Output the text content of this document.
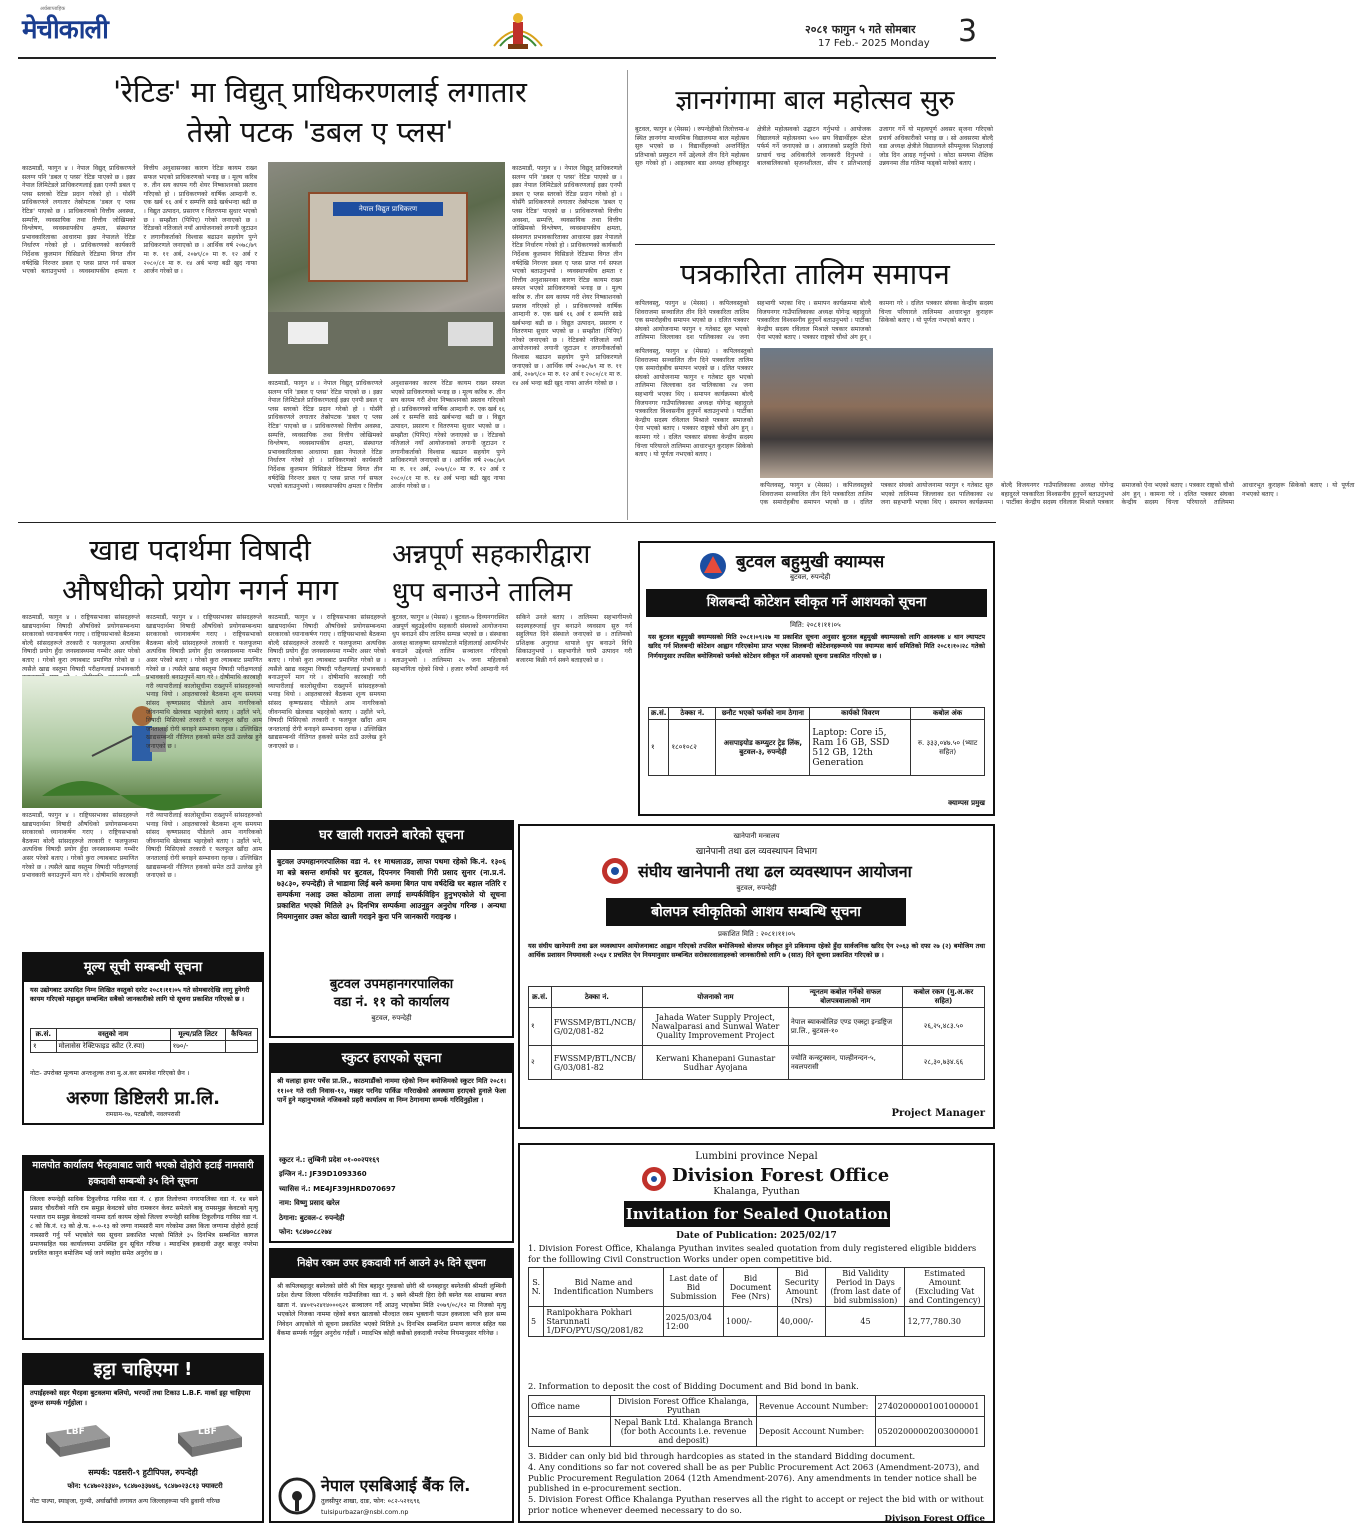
मेचीकाली
अर्धसाप्ताहिक
२०८१ फागुन ५ गते सोमबार
17 Feb.- 2025 Monday 3
'रेटिङ' मा विद्युत् प्राधिकरणलाई लगातार
तेस्रो पटक 'डबल ए प्लस'
काठमाडौं, फागुन ४ । नेपाल विद्युत् प्राधिकरणले सलग्न पनि 'डबल ए प्लस' रेटिङ पाएको छ । इक्रा नेपाल लिमिटेडले प्राधिकरणलाई इक्रा एनपी डबल ए प्लस स्तरको रेटिङ प्रदान गरेको हो । योसँगै प्राधिकरणले लगातार तेस्रोपटक 'डबल ए प्लस रेटिङ' पाएको छ । प्राधिकरणको वित्तीय अवस्था, सम्पत्ति, व्यवसायिक तथा वित्तीय जोखिमको विश्लेषण, व्यवस्थापकीय क्षमता, संस्थागत प्रभावकारिताका आधारमा इक्रा नेपालले रेटिङ निर्धारण गरेको हो । प्राधिकरणको कार्यकारी निर्देशक कुलमान घिसिङले रेटिङमा विगत तीन वर्षदेखि निरन्तर डबल ए प्लस प्राप्त गर्न सफल भएको बताउनुभयो । व्यवस्थापकीय क्षमता र वित्तीय अनुशासनका कारण रेटिङ कायम राख्न सफल भएको प्राधिकरणको भनाइ छ । मूल्य करिब रु. तीन सय कायम गरी शेयर निष्काशनको प्रस्ताव गरिएको हो । प्राधिकरणको वार्षिक आम्दानी रु. एक खर्ब १६ अर्ब र सम्पत्ति साढे खर्बभन्दा बढी छ । विद्युत उत्पादन, प्रसारण र वितरणमा सुधार भएको छ । सम्झौता (पिपिए) गरेको जनाएको छ । रेटिङको नतिजाले नयाँ आयोजनाको लगानी जुटाउन र लगानीकर्ताको विश्वास बढाउन सहयोग पुग्ने प्राधिकरणले जनाएको छ । आर्थिक वर्ष २०७८/७९ मा रु. ११ अर्ब, २०७९/८० मा रु. १२ अर्ब र २०८०/८१ मा रु. १४ अर्ब भन्दा बढी खुद नाफा आर्जन गरेको छ ।
नेपाल विद्युत प्राधिकरण
काठमाडौं, फागुन ४ । नेपाल विद्युत् प्राधिकरणले सलग्न पनि 'डबल ए प्लस' रेटिङ पाएको छ । इक्रा नेपाल लिमिटेडले प्राधिकरणलाई इक्रा एनपी डबल ए प्लस स्तरको रेटिङ प्रदान गरेको हो । योसँगै प्राधिकरणले लगातार तेस्रोपटक 'डबल ए प्लस रेटिङ' पाएको छ । प्राधिकरणको वित्तीय अवस्था, सम्पत्ति, व्यवसायिक तथा वित्तीय जोखिमको विश्लेषण, व्यवस्थापकीय क्षमता, संस्थागत प्रभावकारिताका आधारमा इक्रा नेपालले रेटिङ निर्धारण गरेको हो । प्राधिकरणको कार्यकारी निर्देशक कुलमान घिसिङले रेटिङमा विगत तीन वर्षदेखि निरन्तर डबल ए प्लस प्राप्त गर्न सफल भएको बताउनुभयो । व्यवस्थापकीय क्षमता र वित्तीय अनुशासनका कारण रेटिङ कायम राख्न सफल भएको प्राधिकरणको भनाइ छ । मूल्य करिब रु. तीन सय कायम गरी शेयर निष्काशनको प्रस्ताव गरिएको हो । प्राधिकरणको वार्षिक आम्दानी रु. एक खर्ब १६ अर्ब र सम्पत्ति साढे खर्बभन्दा बढी छ । विद्युत उत्पादन, प्रसारण र वितरणमा सुधार भएको छ । सम्झौता (पिपिए) गरेको जनाएको छ । रेटिङको नतिजाले नयाँ आयोजनाको लगानी जुटाउन र लगानीकर्ताको विश्वास बढाउन सहयोग पुग्ने प्राधिकरणले जनाएको छ । आर्थिक वर्ष २०७८/७९ मा रु. ११ अर्ब, २०७९/८० मा रु. १२ अर्ब र २०८०/८१ मा रु. १४ अर्ब भन्दा बढी खुद नाफा आर्जन गरेको छ ।
काठमाडौं, फागुन ४ । नेपाल विद्युत् प्राधिकरणले सलग्न पनि 'डबल ए प्लस' रेटिङ पाएको छ । इक्रा नेपाल लिमिटेडले प्राधिकरणलाई इक्रा एनपी डबल ए प्लस स्तरको रेटिङ प्रदान गरेको हो । योसँगै प्राधिकरणले लगातार तेस्रोपटक 'डबल ए प्लस रेटिङ' पाएको छ । प्राधिकरणको वित्तीय अवस्था, सम्पत्ति, व्यवसायिक तथा वित्तीय जोखिमको विश्लेषण, व्यवस्थापकीय क्षमता, संस्थागत प्रभावकारिताका आधारमा इक्रा नेपालले रेटिङ निर्धारण गरेको हो । प्राधिकरणको कार्यकारी निर्देशक कुलमान घिसिङले रेटिङमा विगत तीन वर्षदेखि निरन्तर डबल ए प्लस प्राप्त गर्न सफल भएको बताउनुभयो । व्यवस्थापकीय क्षमता र वित्तीय अनुशासनका कारण रेटिङ कायम राख्न सफल भएको प्राधिकरणको भनाइ छ । मूल्य करिब रु. तीन सय कायम गरी शेयर निष्काशनको प्रस्ताव गरिएको हो । प्राधिकरणको वार्षिक आम्दानी रु. एक खर्ब १६ अर्ब र सम्पत्ति साढे खर्बभन्दा बढी छ । विद्युत उत्पादन, प्रसारण र वितरणमा सुधार भएको छ । सम्झौता (पिपिए) गरेको जनाएको छ । रेटिङको नतिजाले नयाँ आयोजनाको लगानी जुटाउन र लगानीकर्ताको विश्वास बढाउन सहयोग पुग्ने प्राधिकरणले जनाएको छ । आर्थिक वर्ष २०७८/७९ मा रु. ११ अर्ब, २०७९/८० मा रु. १२ अर्ब र २०८०/८१ मा रु. १४ अर्ब भन्दा बढी खुद नाफा आर्जन गरेको छ ।
ज्ञानगंगामा बाल महोत्सव सुरु
बुटवल, फागुन ४ (मेसस) । रुपन्देहीको तिलोत्तमा-४ स्थित ज्ञानगंगा माध्यमिक विद्यालयमा बाल महोत्सव सुरु भएको छ । विद्यार्थीहरूको अन्तर्निहित प्रतिभाको प्रस्फुटन गर्ने उद्देश्यले तीन दिने महोत्सव सुरु गरेको हो । आइतबार बडा अध्यक्ष हरिबहादुर क्षेत्रीले महोत्सवको उद्घाटन गर्नुभयो । आयोजक विद्यालयले महोत्सवमा ५०० सय विद्यार्थीहरू स्टेज पर्फर्म गर्ने जनाएको छ । आवाजको प्रस्तुति दियो प्राचार्य चन्द्र अधिकारीले जानकारी दिनुभयो । बालबालिकाको सृजनशीलता, सीप र प्रतिभालाई उजागर गर्ने यो महत्वपूर्ण अवसर सृजना गरिएको प्रचार्य अधिकारीको भनाइ छ । सो अवसरमा बोल्दै वडा अध्यक्ष क्षेत्रीले विद्यालयले सीपमूलक शिक्षालाई जोड दिन आग्रह गर्नुभयो । कोठा समयमा शैक्षिक उन्नयनमा तीव्र गतिमा फड्को मारेको बताए ।
पत्रकारिता तालिम समापन
कपिलवस्तु, फागुन ४ (मेसस) । कपिलवस्तुको शिवराजमा सञ्चालित तीन दिने पत्रकारिता तालिम एक समारोहबीच समापन भएको छ । दलित पत्रकार संघको आयोजनामा फागुन १ गतेबाट सुरु भएको तालिममा जिल्लाका दश पालिकाका २४ जना सहभागी भएका थिए । समापन कार्यक्रममा बोल्दै विजयनगर गाउँपालिकाका अध्यक्ष योगेन्द्र बहादुरले पत्रकारिता विश्वसनीय हुनुपर्ने बताउनुभयो । पार्टीका केन्द्रीय सदस्य रविलाल मिश्राले पत्रकार समाजको ऐना भएको बताए । पत्रकार राष्ट्रको चौथो अंग हुन् । कामना गरे । दलित पत्रकार संघका केन्द्रीय सदस्य चिन्ता परियारले तालिममा आधारभूत कुराहरू सिकेको बताए । यो पूर्णता नभएको बताए ।
कपिलवस्तु, फागुन ४ (मेसस) । कपिलवस्तुको शिवराजमा सञ्चालित तीन दिने पत्रकारिता तालिम एक समारोहबीच समापन भएको छ । दलित पत्रकार संघको आयोजनामा फागुन १ गतेबाट सुरु भएको तालिममा जिल्लाका दश पालिकाका २४ जना सहभागी भएका थिए । समापन कार्यक्रममा बोल्दै विजयनगर गाउँपालिकाका अध्यक्ष योगेन्द्र बहादुरले पत्रकारिता विश्वसनीय हुनुपर्ने बताउनुभयो । पार्टीका केन्द्रीय सदस्य रविलाल मिश्राले पत्रकार समाजको ऐना भएको बताए । पत्रकार राष्ट्रको चौथो अंग हुन् । कामना गरे । दलित पत्रकार संघका केन्द्रीय सदस्य चिन्ता परियारले तालिममा आधारभूत कुराहरू सिकेको बताए । यो पूर्णता नभएको बताए ।
कपिलवस्तु, फागुन ४ (मेसस) । कपिलवस्तुको शिवराजमा सञ्चालित तीन दिने पत्रकारिता तालिम एक समारोहबीच समापन भएको छ । दलित पत्रकार संघको आयोजनामा फागुन १ गतेबाट सुरु भएको तालिममा जिल्लाका दश पालिकाका २४ जना सहभागी भएका थिए । समापन कार्यक्रममा बोल्दै विजयनगर गाउँपालिकाका अध्यक्ष योगेन्द्र बहादुरले पत्रकारिता विश्वसनीय हुनुपर्ने बताउनुभयो । पार्टीका केन्द्रीय सदस्य रविलाल मिश्राले पत्रकार समाजको ऐना भएको बताए । पत्रकार राष्ट्रको चौथो अंग हुन् । कामना गरे । दलित पत्रकार संघका केन्द्रीय सदस्य चिन्ता परियारले तालिममा आधारभूत कुराहरू सिकेको बताए । यो पूर्णता नभएको बताए ।
खाद्य पदार्थमा विषादी
औषधीको प्रयोग नगर्न माग
काठमाडौं, फागुन ४ । राष्ट्रियसभाका सांसदहरूले खाद्यपदार्थमा विषादी औषधिको प्रयोगसम्बन्धमा सरकारको ध्यानाकर्षण गराए । राष्ट्रियसभाको बैठकमा बोल्दै सांसदहरूले तरकारी र फलफूलमा अत्यधिक विषादी प्रयोग हुँदा जनस्वास्थ्यमा गम्भीर असर परेको बताए । गरेको कुरा ल्याबबाट प्रमाणित गरेको छ । त्यसैले खाद्य वस्तुमा विषादी परीक्षणलाई प्रभावकारी
काठमाडौं, फागुन ४ । राष्ट्रियसभाका सांसदहरूले खाद्यपदार्थमा विषादी औषधिको प्रयोगसम्बन्धमा सरकारको ध्यानाकर्षण गराए । राष्ट्रियसभाको बैठकमा बोल्दै सांसदहरूले तरकारी र फलफूलमा अत्यधिक विषादी प्रयोग हुँदा जनस्वास्थ्यमा गम्भीर असर परेको बताए । गरेको कुरा ल्याबबाट प्रमाणित गरेको छ । त्यसैले खाद्य वस्तुमा विषादी परीक्षणलाई प्रभावकारी बनाउनुपर्ने माग गरे । दोषीमाथि कारबाही गरी व्यापारीलाई कालोसूचीमा राख्नुपर्ने सांसदहरूको भनाइ थियो । आइतबारको बैठकमा शून्य समयमा सांसद कृष्णप्रसाद पौडेलले आम नागरिकको जीवनमाथि खेलबाड भइरहेको बताए । उहाँले भने, विषादी मिसिएको तरकारी र फलफूल खाँदा आम जनतालाई रोगी बनाइने सम्भावना रहन्छ । उल्लिखित खाद्यसम्बन्धी नीतिगत हकको समेत ठाउँ उल्लेख हुने जनाएको छ ।
काठमाडौं, फागुन ४ । राष्ट्रियसभाका सांसदहरूले खाद्यपदार्थमा विषादी औषधिको प्रयोगसम्बन्धमा सरकारको ध्यानाकर्षण गराए । राष्ट्रियसभाको बैठकमा बोल्दै सांसदहरूले तरकारी र फलफूलमा अत्यधिक विषादी प्रयोग हुँदा जनस्वास्थ्यमा गम्भीर असर परेको बताए । गरेको कुरा ल्याबबाट प्रमाणित गरेको छ । त्यसैले खाद्य वस्तुमा विषादी परीक्षणलाई प्रभावकारी बनाउनुपर्ने माग गरे । दोषीमाथि कारबाही गरी व्यापारीलाई कालोसूचीमा राख्नुपर्ने सांसदहरूको भनाइ थियो । आइतबारको बैठकमा शून्य समयमा सांसद कृष्णप्रसाद पौडेलले आम नागरिकको जीवनमाथि खेलबाड भइरहेको बताए । उहाँले भने, विषादी मिसिएको तरकारी र फलफूल खाँदा आम जनतालाई रोगी बनाइने सम्भावना रहन्छ । उल्लिखित खाद्यसम्बन्धी नीतिगत हकको समेत ठाउँ उल्लेख हुने जनाएको छ ।
काठमाडौं, फागुन ४ । राष्ट्रियसभाका सांसदहरूले खाद्यपदार्थमा विषादी औषधिको प्रयोगसम्बन्धमा सरकारको ध्यानाकर्षण गराए । राष्ट्रियसभाको बैठकमा बोल्दै सांसदहरूले तरकारी र फलफूलमा अत्यधिक विषादी प्रयोग हुँदा जनस्वास्थ्यमा गम्भीर असर परेको बताए । गरेको कुरा ल्याबबाट प्रमाणित गरेको छ । त्यसैले खाद्य वस्तुमा विषादी परीक्षणलाई प्रभावकारी बनाउनुपर्ने माग गरे । दोषीमाथि कारबाही गरी व्यापारीलाई कालोसूचीमा राख्नुपर्ने सांसदहरूको भनाइ थियो । आइतबारको बैठकमा शून्य समयमा सांसद कृष्णप्रसाद पौडेलले आम नागरिकको जीवनमाथि खेलबाड भइरहेको बताए । उहाँले भने, विषादी मिसिएको तरकारी र फलफूल खाँदा आम जनतालाई रोगी बनाइने सम्भावना रहन्छ । उल्लिखित खाद्यसम्बन्धी नीतिगत हकको समेत ठाउँ उल्लेख हुने जनाएको छ ।
अन्नपूर्ण सहकारीद्वारा
धुप बनाउने तालिम
बुटवल, फागुन ४ (मेसस) । बुटवल-७ दिव्यनगरस्थित अन्नपूर्ण बहुउद्देश्यीय सहकारी संस्थाको आयोजनामा धुप बनाउने सीप तालिम सम्पन्न भएको छ । संस्थाका अध्यक्ष बालकृष्ण सापकोटाले महिलालाई आत्मनिर्भर बनाउने उद्देश्यले तालिम सञ्चालन गरिएको बताउनुभयो । तालिममा २५ जना महिलाको सहभागिता रहेको थियो । हजार रुपैयाँ आम्दानी गर्न सकिने उनले बताए । तालिममा सहभागीमध्ये सदस्यहरूलाई धुप बनाउने व्यवसाय सुरु गर्न सहुलियत दिने संस्थाले जनाएको छ । तालिमको प्रशिक्षक अनुराधा थापाले धुप बनाउने विधि सिकाउनुभयो । सहभागीले घरमै उत्पादन गरी बजारमा बिक्री गर्न सक्ने बताइएको छ ।
बुटवल बहुमुखी क्याम्पस
बुटवल, रुपन्देही
शिलबन्दी कोटेशन स्वीकृत गर्ने आशयको सूचना
मिति: २०८१।११।०५
यस बुटवल बहुमुखी क्याम्पसको मिति २०८१।०९।२७ मा प्रकाशित सूचना अनुसार बुटवल बहुमुखी क्याम्पसको लागि आवश्यक ४ थान ल्यापटप खरिद गर्न शिलबन्दी कोटेशन आह्वान गरिएकोमा प्राप्त भएका शिलबन्दी कोटेशनहरूमध्ये यस क्याम्पस कार्य समितिको मिति २०८१।१०।२८ गतेको निर्णयानुसार तपसिल बमोजिमको फर्मको कोटेशन स्वीकृत गर्ने आशयको सूचना प्रकाशित गरिएको छ ।
क्र.सं.	ठेक्का नं.	छनौट भएको फर्मको नाम ठेगाना	कार्यको विवरण	कबोल अंक
१	१८०१०८२	असपाइयोड कम्प्युटर ट्रेड लिंक, बुटवल-३, रुपन्देही	Laptop: Core i5, Ram 16 GB, SSD 512 GB, 12th Generation	रु. ३३३,०४७.५० (भ्याट सहित)
क्याम्पस प्रमुख
घर खाली गराउने बारेको सूचना
बुटवल उपमहानगरपालिका वडा नं. ११ माथलाउङ, लाफा पथमा रहेको कि.नं. १३०६ मा बन्ने बसन्त शर्माको घर बुटवल, दिपनगर निवासी गिरी प्रसाद सुनार (ना.प्र.नं. ७३८३०, रुपन्देही) ले भाडामा लिई बस्ने कममा बिगत पाच वर्षदेखि घर बहाल नतिरि र सम्पर्कमा नआइ उक्त कोठामा ताला लगाई सम्पर्कविहिन हुनुभएकोले यो सूचना प्रकाशित भएको मितिले ३५ दिनभित्र सम्पर्कमा आउनुहुन अनुरोध गरिन्छ । अन्यथा नियमानुसार उक्त कोठा खाली गराइने कुरा पनि जानकारी गराइन्छ ।
बुटवल उपमहानगरपालिका
वडा नं. ११ को कार्यालय
बुटवल, रुपन्देही
मूल्य सूची सम्बन्धी सूचना
यस उद्योगबाट उत्पादित निम्न लिखित वस्तुको दररेट २०८१।११।०५ गते सोमबारदेखि लागु हुनेगरी कायम गरिएको महाशुल सम्बन्धित सबैको जानकारीको लागि यो सूचना प्रकाशित गरिएको छ ।
क्र.सं.	वस्तुको नाम	मूल्य/प्रति लिटर	कैफियत
१	मोलासेस रेक्टिफाइड स्प्रीट (रे.स्पा)	१७०/-	
नोटः- उपरोक्त मूल्यमा अन्तःशुल्क तथा मु.अ.कर समावेश गरिएको छैन ।
अरुणा डिष्टिलरी प्रा.लि.
रामग्राम-१७, पटखौली, नवलपरासी
स्कुटर हराएको सूचना
श्री यलाहा हायर पर्चेस प्रा.लि., काठमाडौंको नाममा रहेको निम्न बमोजिमको स्कुटर मिति २०८१।११।०१ गते राती निवास-१२, मन्नहर परनिग्र पार्किङ गरिराखेको अवस्थामा हराएको हुनाले फेला पार्ने हुने महानुभावले नजिकको प्रहरी कार्यालय वा निम्न ठेगानामा सम्पर्क गरिदिनुहोला ।
स्कुटर नं.: लुम्बिनी प्रदेश ०१-००२प१६९
इन्जिन नं.: JF39D1093360
च्यासिस नं.: ME4JF39JHRD070697
नाम: विष्णु प्रसाद खरेल
ठेगाना: बुटवल-८ रुपन्देही
फोन: ९८४७०८८२७४
मालपोत कार्यालय भैरहवाबाट जारी भएको दोहोरो हटाई नामसारी हकदावी सम्बन्धी ३५ दिने सूचना
जिल्ला रुपन्देही साविक टिकुलीगढ गाविस वडा नं. ८ हाल तिलोत्तमा नगरपालिका वडा नं. १४ बस्ने प्रसाद चौधरीको नाति राम समुझ केवटको छोरा रामकरन केवट समेतले बाबु रामसमुझ केवटको मृत्यु पश्चात राम समुझ केवटको नाममा दर्ता कायम रहेको जिल्ला रुपन्देही साविक टिकुलीगढ गाविस वडा नं. ८ को कि.नं. १३ को क्षे.फ. ०-०-१३ को जग्गा नामसारी माग गरेकोमा उक्त किता जग्गामा दोहोरो हटाई नामसारी गर्नु पर्ने भएकोले यस सूचना प्रकाशित भएको मितिले ३५ दिनभित्र सम्बन्धित कागज प्रमाणसहित यस कार्यालयमा उपस्थित हुन सूचित गरिन्छ । म्यादभित्र हकदावी उजुर बाजुर नपरेमा प्रचलित कानुन बमोजिम भई जाने व्यहोरा समेत अनुरोध छ ।
निक्षेप रकम उपर हकदावी गर्न आउने ३५ दिने सूचना
श्री कपिलबहादुर बस्नेतको छोरी श्री चित्र बहादुर गुरुङको छोरी श्री धनबहादुर बस्नेतकी श्रीमती लुम्बिनी प्रदेश रोल्पा जिल्ला परिवर्तन गाउँपालिका वडा नं. ३ बस्ने श्रीमती हिरा देवी बस्नेत यस शाखामा बचत खाता नं. ४४०१५२४१४०००६२१ सञ्चालन गर्दै आउनु भएकोमा मिति २०७९/०८/१२ मा निजको मृत्यु भएकोले निजका नाममा रहेको बचत खाताको मौज्दात रकम भुक्तानी पाउन हकवाला भनि हाल सम्म निवेदन आएकोले यो सूचना प्रकाशित भएको मितिले ३५ दिनभित्र सम्बन्धित प्रमाण कागज सहित यस बैंकमा सम्पर्क गर्नुहुन अनुरोध गर्दछौं । म्यादभित्र कोही कसैको हकदावी नपरेमा नियमानुसार गरिनेछ ।
नेपाल एसबिआई बैंक लि.
तुलसीपुर शाखा, दाङ, फोन: ०८२-५२१६९६
tulsipurbazar@nsbl.com.np
इट्टा चाहिएमा !
तपाईहरुको सहर भैरहवा बुटवलमा बलियो, भरपर्दो तथा टिकाउ L.B.F. मार्का इट्टा चाहिएमा तुरुन्त सम्पर्क गर्नुहोला ।
LBF	LBF
सम्पर्क: पडसरी-९ हुटीपिपल, रुपन्देही
फोन: ९८४७०२३३४०, ९८४७०३३७४६, ९८४७०२३८१३ फ्याक्टरी
नोटः पाल्पा, स्याङ्जा, गुल्मी, अर्घाखाँची लगायत अन्य जिल्लाहरूमा पनि ढुवानी गरिन्छ
खानेपानी मन्त्रालय
खानेपानी तथा ढल व्यवस्थापन विभाग
संघीय खानेपानी तथा ढल व्यवस्थापन आयोजना
बुटवल, रुपन्देही
बोलपत्र स्वीकृतिको आशय सम्बन्धि सूचना
प्रकाशित मिति : २०८१।११।०५
यस संघीय खानेपानी तथा ढल व्यवस्थापन आयोजनाबाट आह्वान गरिएको तपसिल बमोजिमको बोलपत्र स्वीकृत हुने प्रकियामा रहेको हुँदा सार्वजनिक खरिद ऐन २०६३ को दफा २७ (२) बमोजिम तथा आर्थिक प्रशासन नियमावली २०६४ र प्रचलित ऐन नियमानुसार सम्बन्धित सरोकारवालाहरुको जानकारीको लागि ७ (सात) दिने सूचना प्रकाशित गरिएको छ ।
क्र.सं.	ठेक्का नं.	योजनाको नाम	न्यूनतम कबोल गर्नेको सफल बोलपत्रवालाको नाम	कबोल रकम (मु.अ.कर सहित)
१	FWSSMP/BTL/NCB/ G/02/081-82	Jahada Water Supply Project, Nawalparasi and Sunwal Water Quality Improvement Project	नेपाल ब्याकबोलिङ एण्ड एक्स्ट्रा इन्डष्ट्रिज प्रा.लि., बुटवल-१०	२६,२५,४८३.५०
२	FWSSMP/BTL/NCB/ G/03/081-82	Kerwani Khanepani Gunastar Sudhar Ayojana	ज्योति कन्स्ट्रक्सन, पाल्हीनन्दन-५, नवलपरासी	२८,३०,७३४.६६
Project Manager
Lumbini province Nepal
Division Forest Office
Khalanga, Pyuthan
Invitation for Sealed Quotation
Date of Publication: 2025/02/17
1. Division Forest Office, Khalanga Pyuthan invites sealed quotation from duly registered eligible bidders for the folllowing Civil Construction Works under open competitive bid.
S. N.	Bid Name and Indentification Numbers	Last date of Bid Submission	Bid Document Fee (Nrs)	Bid Security Amount (Nrs)	Bid Validity Period in Days (from last date of bid submission)	Estimated Amount (Excluding Vat and Contingency)
5	Ranipokhara Pokhari Starunnati 1/DFO/PYU/SQ/2081/82	2025/03/04 12:00	1000/-	40,000/-	45	12,77,780.30
2. Information to deposit the cost of Bidding Document and Bid bond in bank.
Office name	Division Forest Office Khalanga, Pyuthan	Revenue Account Number:	27402000001001000001
Name of Bank	Nepal Bank Ltd. Khalanga Branch (for both Accounts i.e. revenue and deposit)	Deposit Account Number:	05202000002003000001
3. Bidder can only bid bid through hardcopies as stated in the standard Bidding document.
4. Any conditions so far not covered shall be as per Public Procurement Act 2063 (Amendment-2073), and Public Procurement Regulation 2064 (12th Amendment-2076). Any amendments in tender notice shall be published in e-procurement section.
5. Division Forest Office Khalanga Pyuthan reserves all the right to accept or reject the bid with or without prior notice whenever deemed necessary to do so.
Divison Forest Office
